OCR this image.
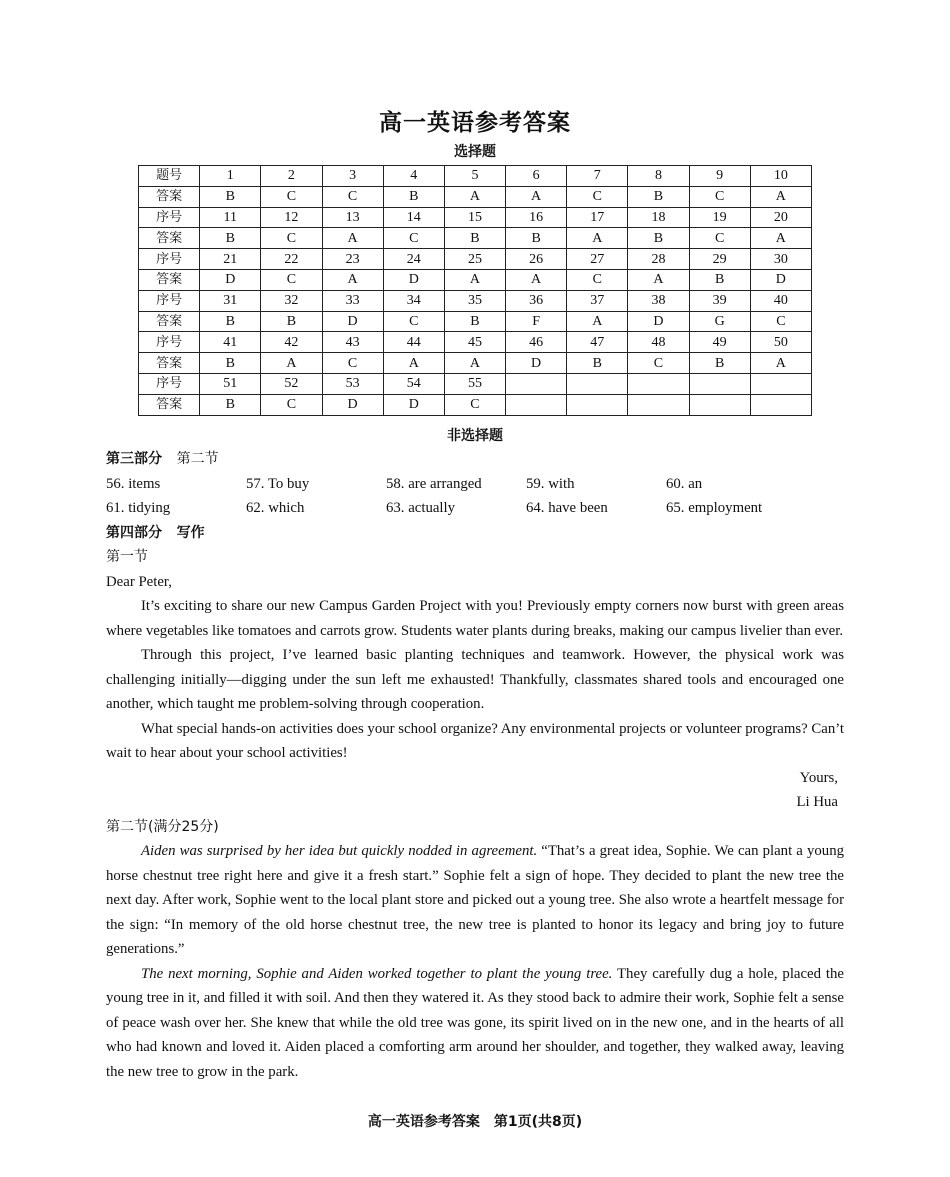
高一英语参考答案
选择题
题号	1	2	3	4	5	6	7	8	9	10
答案	B	C	C	B	A	A	C	B	C	A
序号	11	12	13	14	15	16	17	18	19	20
答案	B	C	A	C	B	B	A	B	C	A
序号	21	22	23	24	25	26	27	28	29	30
答案	D	C	A	D	A	A	C	A	B	D
序号	31	32	33	34	35	36	37	38	39	40
答案	B	B	D	C	B	F	A	D	G	C
序号	41	42	43	44	45	46	47	48	49	50
答案	B	A	C	A	A	D	B	C	B	A
序号	51	52	53	54	55					
答案	B	C	D	D	C					
非选择题
第三部分 第二节
56. items	57. To buy	58. are arranged	59. with	60. an
61. tidying	62. which	63. actually	64. have been	65. employment
第四部分 写作
第一节

Dear Peter,

It’s exciting to share our new Campus Garden Project with you! Previously empty corners now burst with green areas where vegetables like tomatoes and carrots grow. Students water plants during breaks, making our campus livelier than ever.

Through this project, I’ve learned basic planting techniques and teamwork. However, the physical work was challenging initially—digging under the sun left me exhausted! Thankfully, classmates shared tools and encouraged one another, which taught me problem-solving through cooperation.

What special hands-on activities does your school organize? Any environmental projects or volunteer programs? Can’t wait to hear about your school activities!

Yours,

Li Hua

第二节(满分25分)

Aiden was surprised by her idea but quickly nodded in agreement. “That’s a great idea, Sophie. We can plant a young horse chestnut tree right here and give it a fresh start.” Sophie felt a sign of hope. They decided to plant the new tree the next day. After work, Sophie went to the local plant store and picked out a young tree. She also wrote a heartfelt message for the sign: “In memory of the old horse chestnut tree, the new tree is planted to honor its legacy and bring joy to future generations.”

The next morning, Sophie and Aiden worked together to plant the young tree. They carefully dug a hole, placed the young tree in it, and filled it with soil. And then they watered it. As they stood back to admire their work, Sophie felt a sense of peace wash over her. She knew that while the old tree was gone, its spirit lived on in the new one, and in the hearts of all who had known and loved it. Aiden placed a comforting arm around her shoulder, and together, they walked away, leaving the new tree to grow in the park.

高一英语参考答案　第1页(共8页)
